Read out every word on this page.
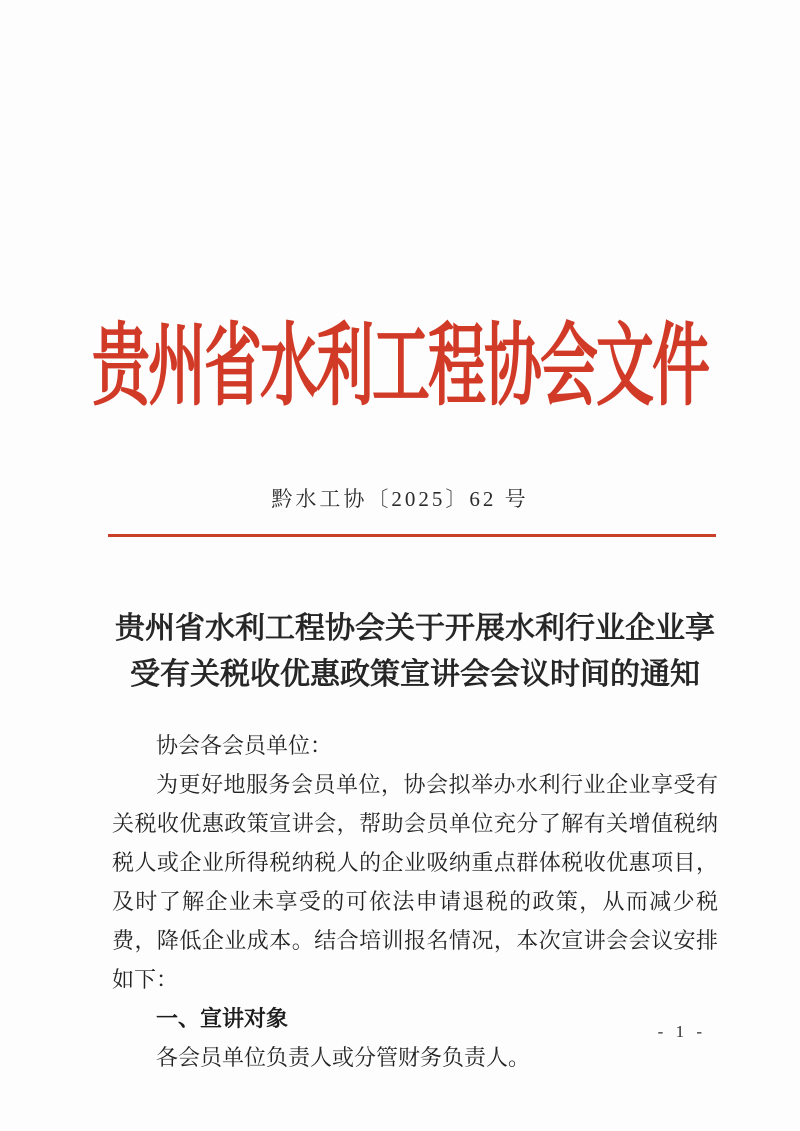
贵州省水利工程协会文件
黔水工协〔2025〕62 号
贵州省水利工程协会关于开展水利行业企业享受有关税收优惠政策宣讲会会议时间的通知

协会各会员单位：

为更好地服务会员单位，协会拟举办水利行业企业享受有关税收优惠政策宣讲会，帮助会员单位充分了解有关增值税纳税人或企业所得税纳税人的企业吸纳重点群体税收优惠项目，及时了解企业未享受的可依法申请退税的政策，从而减少税费，降低企业成本。结合培训报名情况，本次宣讲会会议安排如下：

一、宣讲对象

各会员单位负责人或分管财务负责人。

- 1 -
